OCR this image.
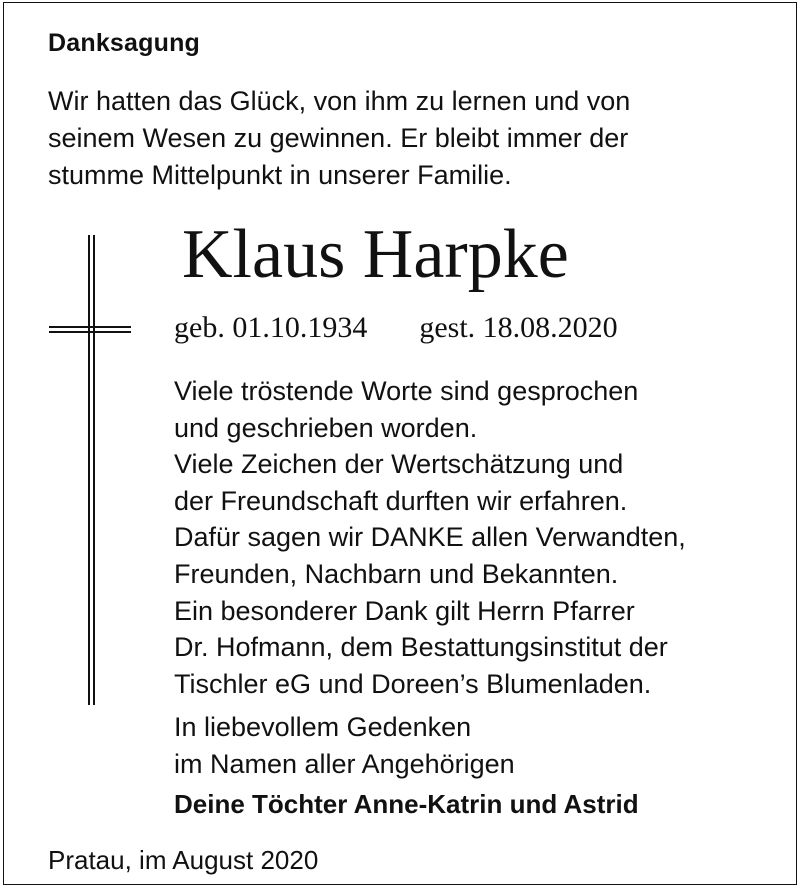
Danksagung
Wir hatten das Glück, von ihm zu lernen und von
seinem Wesen zu gewinnen. Er bleibt immer der
stumme Mittelpunkt in unserer Familie.
Klaus Harpke
geb. 01.10.1934 gest. 18.08.2020
Viele tröstende Worte sind gesprochen
und geschrieben worden.
Viele Zeichen der Wertschätzung und
der Freundschaft durften wir erfahren.
Dafür sagen wir DANKE allen Verwandten,
Freunden, Nachbarn und Bekannten.
Ein besonderer Dank gilt Herrn Pfarrer
Dr. Hofmann, dem Bestattungsinstitut der
Tischler eG und Doreen’s Blumenladen.
In liebevollem Gedenken
im Namen aller Angehörigen
Deine Töchter Anne-Katrin und Astrid
Pratau, im August 2020
